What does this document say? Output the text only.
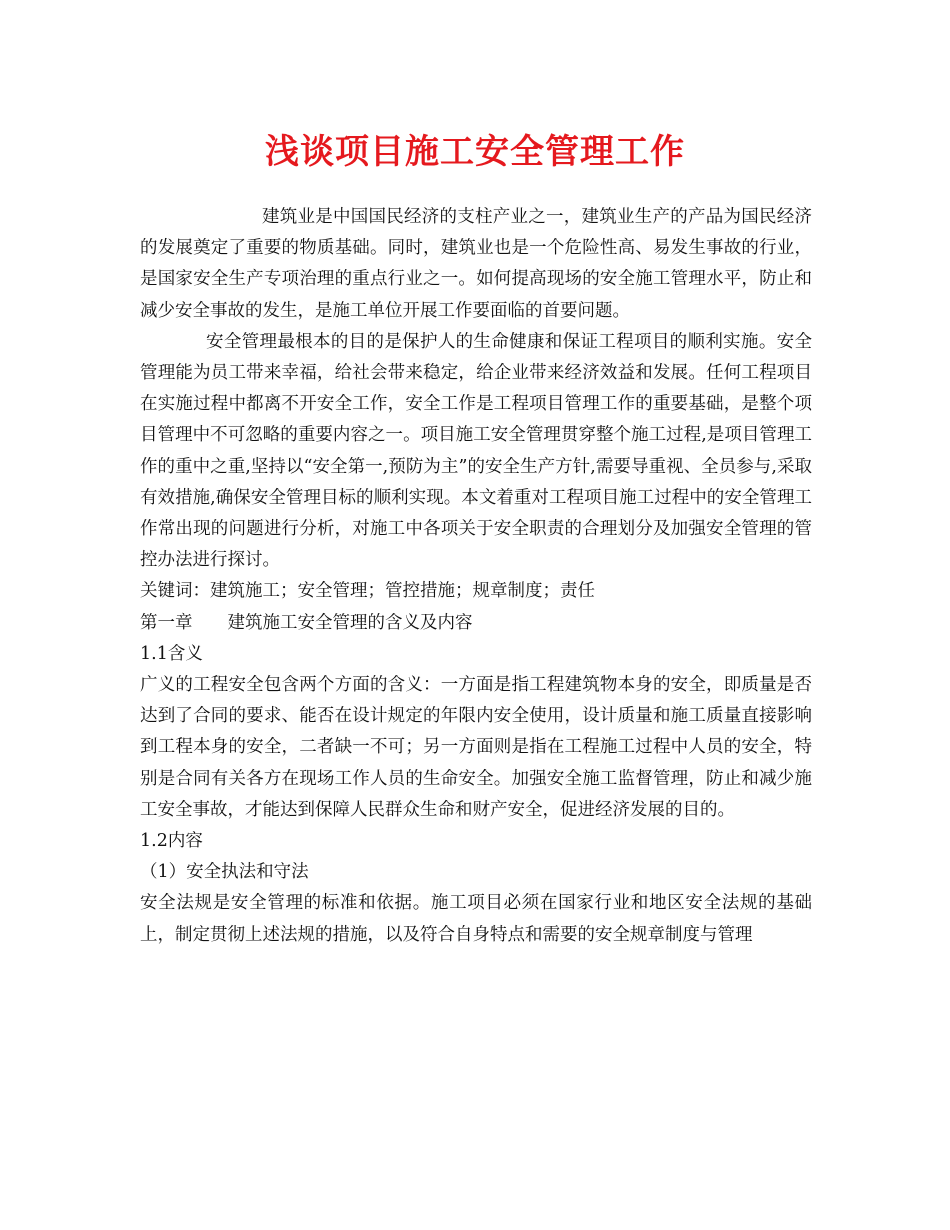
浅谈项目施工安全管理工作

建筑业是中国国民经济的支柱产业之一，建筑业生产的产品为国民经济的发展奠定了重要的物质基础。同时，建筑业也是一个危险性高、易发生事故的行业，是国家安全生产专项治理的重点行业之一。如何提高现场的安全施工管理水平，防止和减少安全事故的发生，是施工单位开展工作要面临的首要问题。

安全管理最根本的目的是保护人的生命健康和保证工程项目的顺利实施。安全管理能为员工带来幸福，给社会带来稳定，给企业带来经济效益和发展。任何工程项目在实施过程中都离不开安全工作，安全工作是工程项目管理工作的重要基础，是整个项目管理中不可忽略的重要内容之一。项目施工安全管理贯穿整个施工过程,是项目管理工作的重中之重,坚持以“安全第一,预防为主”的安全生产方针,需要导重视、全员参与,采取有效措施,确保安全管理目标的顺利实现。本文着重对工程项目施工过程中的安全管理工作常出现的问题进行分析，对施工中各项关于安全职责的合理划分及加强安全管理的管控办法进行探讨。

关键词：建筑施工；安全管理；管控措施；规章制度；责任

第一章　　建筑施工安全管理的含义及内容

1.1含义

广义的工程安全包含两个方面的含义：一方面是指工程建筑物本身的安全，即质量是否达到了合同的要求、能否在设计规定的年限内安全使用，设计质量和施工质量直接影响到工程本身的安全，二者缺一不可；另一方面则是指在工程施工过程中人员的安全，特别是合同有关各方在现场工作人员的生命安全。加强安全施工监督管理，防止和减少施工安全事故，才能达到保障人民群众生命和财产安全，促进经济发展的目的。

1.2内容

（1）安全执法和守法

安全法规是安全管理的标准和依据。施工项目必须在国家行业和地区安全法规的基础上，制定贯彻上述法规的措施，以及符合自身特点和需要的安全规章制度与管理
